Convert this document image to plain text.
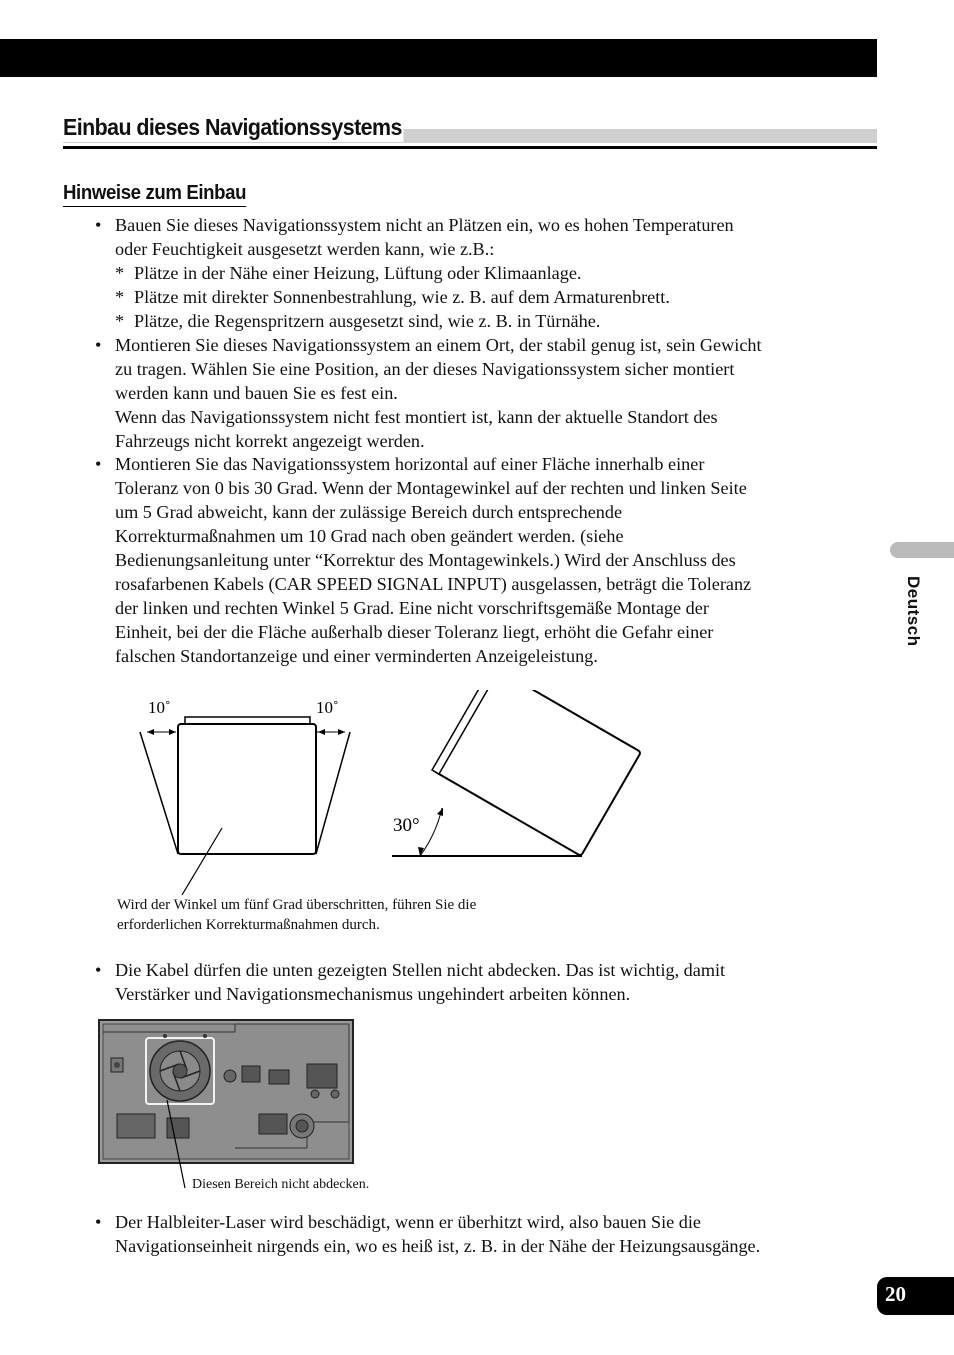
Einbau dieses Navigationssystems
Hinweise zum Einbau
• Bauen Sie dieses Navigationssystem nicht an Plätzen ein, wo es hohen Temperaturen
oder Feuchtigkeit ausgesetzt werden kann, wie z.B.:
* Plätze in der Nähe einer Heizung, Lüftung oder Klimaanlage.
* Plätze mit direkter Sonnenbestrahlung, wie z. B. auf dem Armaturenbrett.
* Plätze, die Regenspritzern ausgesetzt sind, wie z. B. in Türnähe.
• Montieren Sie dieses Navigationssystem an einem Ort, der stabil genug ist, sein Gewicht
zu tragen. Wählen Sie eine Position, an der dieses Navigationssystem sicher montiert
werden kann und bauen Sie es fest ein.
Wenn das Navigationssystem nicht fest montiert ist, kann der aktuelle Standort des
Fahrzeugs nicht korrekt angezeigt werden.
• Montieren Sie das Navigationssystem horizontal auf einer Fläche innerhalb einer
Toleranz von 0 bis 30 Grad. Wenn der Montagewinkel auf der rechten und linken Seite
um 5 Grad abweicht, kann der zulässige Bereich durch entsprechende
Korrekturmaßnahmen um 10 Grad nach oben geändert werden. (siehe
Bedienungsanleitung unter “Korrektur des Montagewinkels.) Wird der Anschluss des
rosafarbenen Kabels (CAR SPEED SIGNAL INPUT) ausgelassen, beträgt die Toleranz
der linken und rechten Winkel 5 Grad. Eine nicht vorschriftsgemäße Montage der
Einheit, bei der die Fläche außerhalb dieser Toleranz liegt, erhöht die Gefahr einer
falschen Standortanzeige und einer verminderten Anzeigeleistung.
10˚	10˚
30°
Wird der Winkel um fünf Grad überschritten, führen Sie die
erforderlichen Korrekturmaßnahmen durch.
• Die Kabel dürfen die unten gezeigten Stellen nicht abdecken. Das ist wichtig, damit
Verstärker und Navigationsmechanismus ungehindert arbeiten können.
Diesen Bereich nicht abdecken.
• Der Halbleiter-Laser wird beschädigt, wenn er überhitzt wird, also bauen Sie die
Navigationseinheit nirgends ein, wo es heiß ist, z. B. in der Nähe der Heizungsausgänge.
Deutsch
20
